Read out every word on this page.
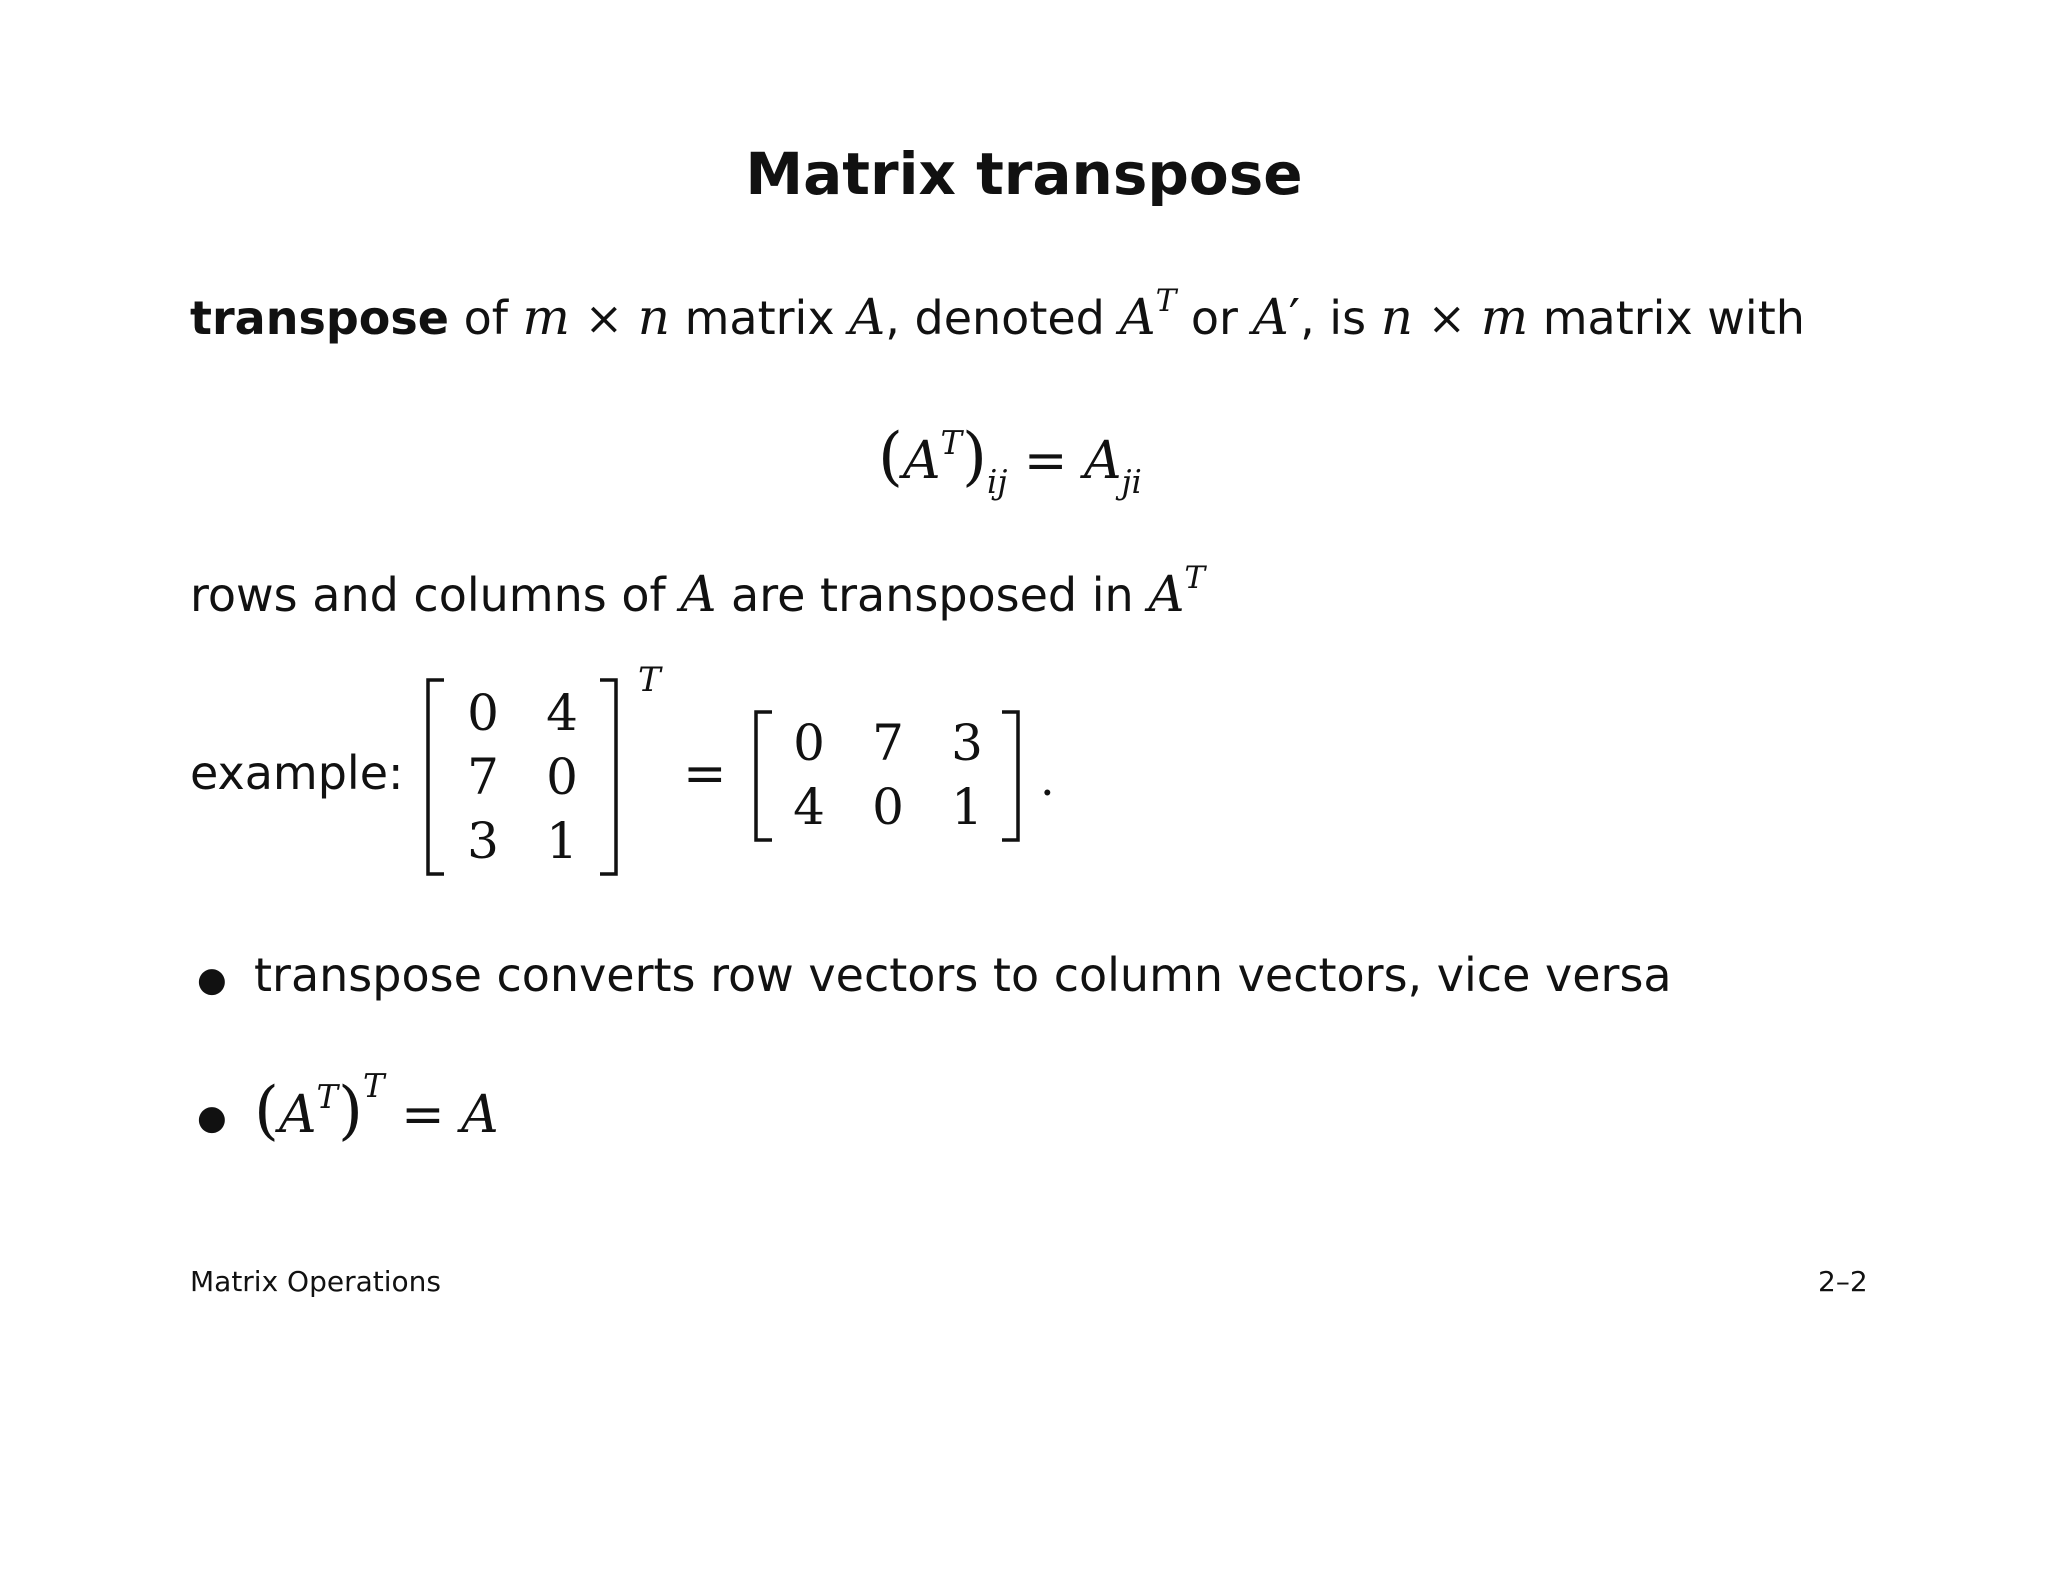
Matrix transpose
transpose of m × n matrix A, denoted $A^T$ or A′, is n × m matrix with
$(A^T)_{ij} = A_{ji}$
rows and columns of A are transposed in $A^T$
example:
0 4
7 0
3 1
T
=
0 7 3
4 0 1	.
● transpose converts row vectors to column vectors, vice versa
● $(A^T)^T = A$
Matrix Operations	2–2
